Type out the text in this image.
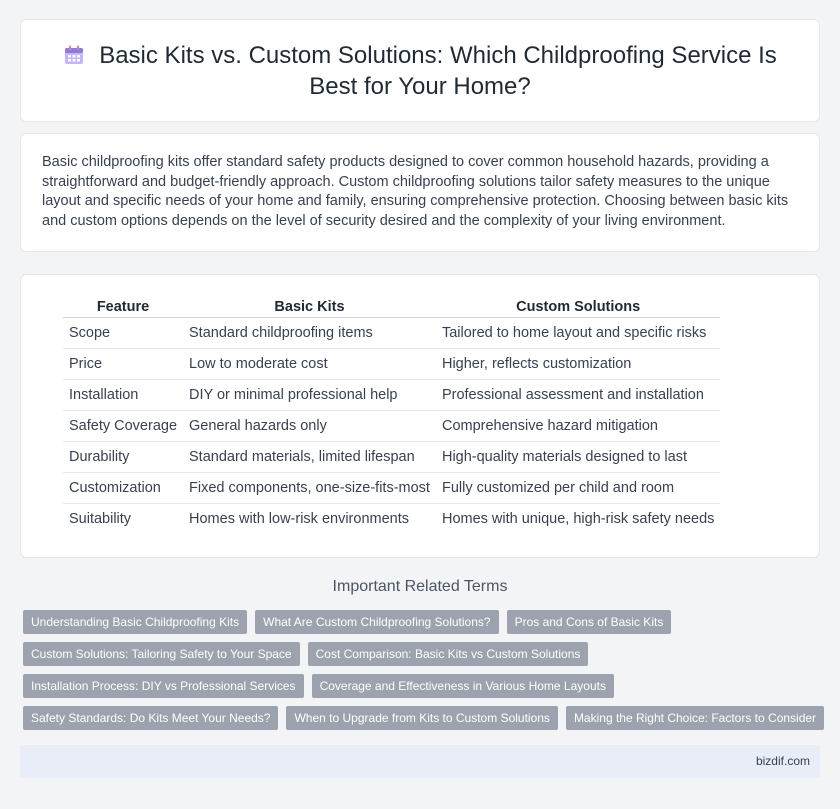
Basic Kits vs. Custom Solutions: Which Childproofing Service Is Best for Your Home?

Basic childproofing kits offer standard safety products designed to cover common household hazards, providing a straightforward and budget-friendly approach. Custom childproofing solutions tailor safety measures to the unique layout and specific needs of your home and family, ensuring comprehensive protection. Choosing between basic kits and custom options depends on the level of security desired and the complexity of your living environment.

Feature	Basic Kits	Custom Solutions
Scope	Standard childproofing items	Tailored to home layout and specific risks
Price	Low to moderate cost	Higher, reflects customization
Installation	DIY or minimal professional help	Professional assessment and installation
Safety Coverage	General hazards only	Comprehensive hazard mitigation
Durability	Standard materials, limited lifespan	High-quality materials designed to last
Customization	Fixed components, one-size-fits-most	Fully customized per child and room
Suitability	Homes with low-risk environments	Homes with unique, high-risk safety needs
Important Related Terms
Understanding Basic Childproofing Kits	What Are Custom Childproofing Solutions?	Pros and Cons of Basic Kits
Custom Solutions: Tailoring Safety to Your Space	Cost Comparison: Basic Kits vs Custom Solutions
Installation Process: DIY vs Professional Services	Coverage and Effectiveness in Various Home Layouts
Safety Standards: Do Kits Meet Your Needs?	When to Upgrade from Kits to Custom Solutions	Making the Right Choice: Factors to Consider
bizdif.com
